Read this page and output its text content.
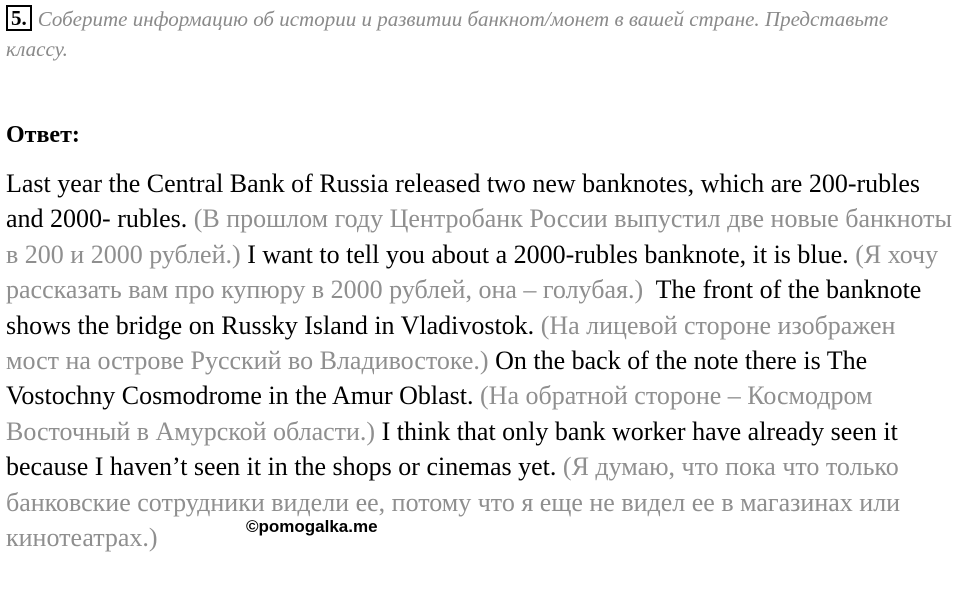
5. Соберите информацию об истории и развитии банкнот/монет в вашей стране. Представьте классу.
Ответ:
Last year the Central Bank of Russia released two new banknotes, which are 200-rubles and 2000- rubles. (В прошлом году Центробанк России выпустил две новые банкноты в 200 и 2000 рублей.) I want to tell you about a 2000-rubles banknote, it is blue. (Я хочу рассказать вам про купюру в 2000 рублей, она – голубая.) The front of the banknote shows the bridge on Russky Island in Vladivostok. (На лицевой стороне изображен мост на острове Русский во Владивостоке.) On the back of the note there is The Vostochny Cosmodrome in the Amur Oblast. (На обратной стороне – Космодром Восточный в Амурской области.) I think that only bank worker have already seen it because I haven’t seen it in the shops or cinemas yet. (Я думаю, что пока что только банковские сотрудники видели ее, потому что я еще не видел ее в магазинах или кинотеатрах.)	©pomogalka.me
